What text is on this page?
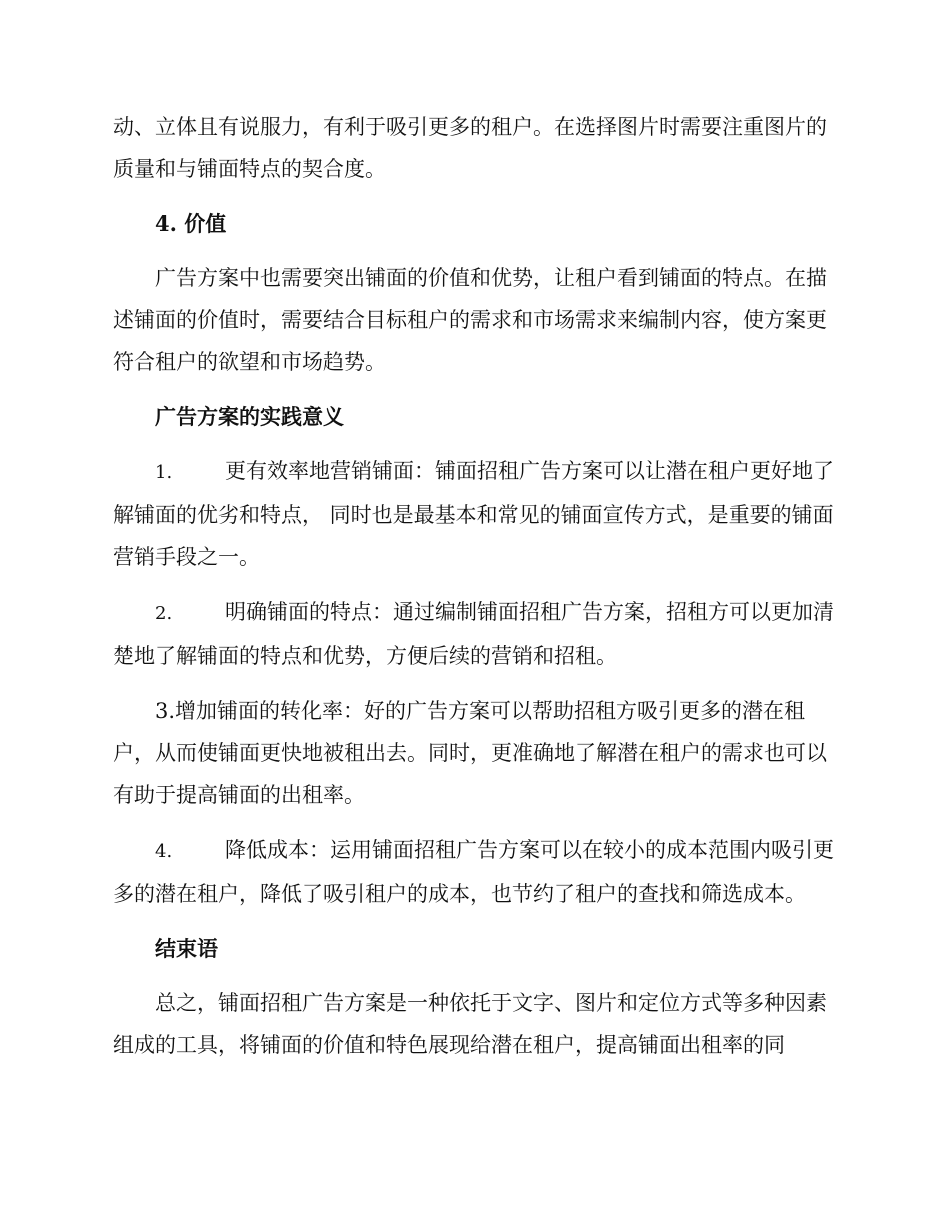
动、立体且有说服力，有利于吸引更多的租户。在选择图片时需要注重图片的质量和与铺面特点的契合度。

4. 价值

广告方案中也需要突出铺面的价值和优势，让租户看到铺面的特点。在描述铺面的价值时，需要结合目标租户的需求和市场需求来编制内容，使方案更符合租户的欲望和市场趋势。

广告方案的实践意义

1.	更有效率地营销铺面：铺面招租广告方案可以让潜在租户更好地了解铺面的优劣和特点， 同时也是最基本和常见的铺面宣传方式，是重要的铺面营销手段之一。

2.	明确铺面的特点：通过编制铺面招租广告方案，招租方可以更加清楚地了解铺面的特点和优势，方便后续的营销和招租。

3.增加铺面的转化率：好的广告方案可以帮助招租方吸引更多的潜在租户，从而使铺面更快地被租出去。同时，更准确地了解潜在租户的需求也可以有助于提高铺面的出租率。

4.	降低成本：运用铺面招租广告方案可以在较小的成本范围内吸引更多的潜在租户，降低了吸引租户的成本，也节约了租户的查找和筛选成本。

结束语

总之，铺面招租广告方案是一种依托于文字、图片和定位方式等多种因素组成的工具，将铺面的价值和特色展现给潜在租户，提高铺面出租率的同
